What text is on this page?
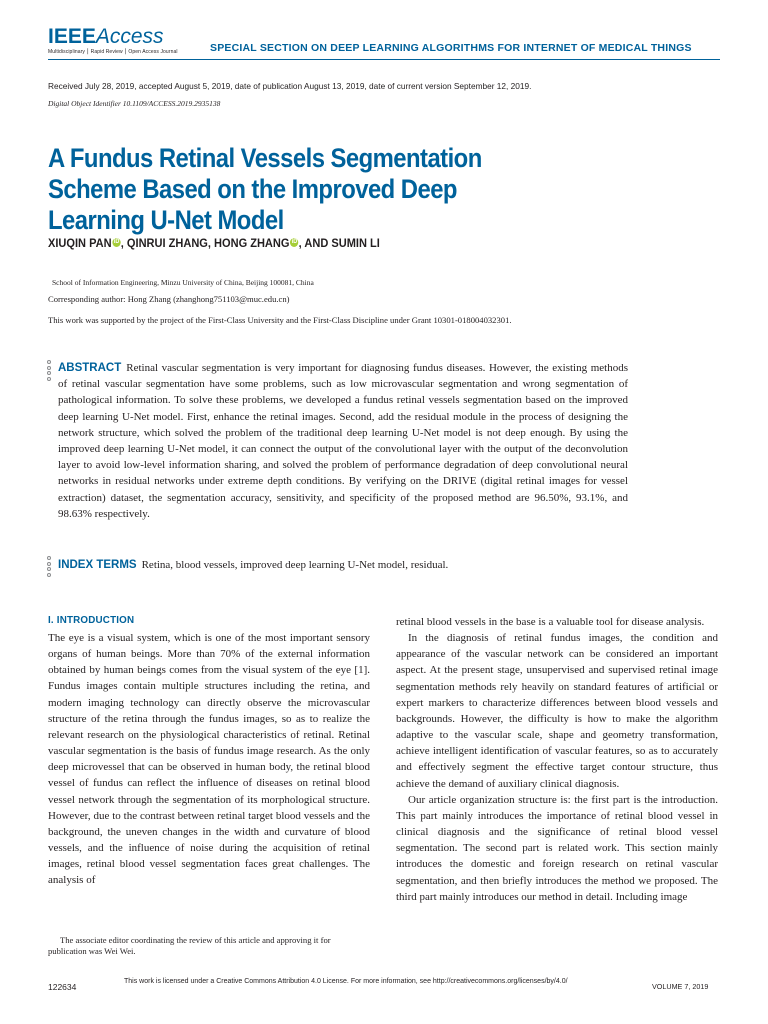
IEEEAccess
Multidisciplinary ⎮ Rapid Review ⎮ Open Access Journal	SPECIAL SECTION ON DEEP LEARNING ALGORITHMS FOR INTERNET OF MEDICAL THINGS
Received July 28, 2019, accepted August 5, 2019, date of publication August 13, 2019, date of current version September 12, 2019.
Digital Object Identifier 10.1109/ACCESS.2019.2935138
A Fundus Retinal Vessels Segmentation
Scheme Based on the Improved Deep
Learning U-Net Model
XIUQIN PAN iD, QINRUI ZHANG, HONG ZHANG iD, AND SUMIN LI
School of Information Engineering, Minzu University of China, Beijing 100081, China
Corresponding author: Hong Zhang (zhanghong751103@muc.edu.cn)
This work was supported by the project of the First-Class University and the First-Class Discipline under Grant 10301-018004032301.
ABSTRACT Retinal vascular segmentation is very important for diagnosing fundus diseases. However, the existing methods of retinal vascular segmentation have some problems, such as low microvascular segmentation and wrong segmentation of pathological information. To solve these problems, we developed a fundus retinal vessels segmentation based on the improved deep learning U-Net model. First, enhance the retinal images. Second, add the residual module in the process of designing the network structure, which solved the problem of the traditional deep learning U-Net model is not deep enough. By using the improved deep learning U-Net model, it can connect the output of the convolutional layer with the output of the deconvolution layer to avoid low-level information sharing, and solved the problem of performance degradation of deep convolutional neural networks in residual networks under extreme depth conditions. By verifying on the DRIVE (digital retinal images for vessel extraction) dataset, the segmentation accuracy, sensitivity, and specificity of the proposed method are 96.50%, 93.1%, and 98.63% respectively.
INDEX TERMS Retina, blood vessels, improved deep learning U-Net model, residual.
I. INTRODUCTION

The eye is a visual system, which is one of the most important sensory organs of human beings. More than 70% of the external information obtained by human beings comes from the visual system of the eye [1]. Fundus images contain multiple structures including the retina, and modern imaging technology can directly observe the microvascular structure of the retina through the fundus images, so as to realize the relevant research on the physiological characteristics of retinal. Retinal vascular segmentation is the basis of fundus image research. As the only deep microvessel that can be observed in human body, the retinal blood vessel of fundus can reflect the influence of diseases on retinal blood vessel network through the segmentation of its morphological structure. However, due to the contrast between retinal target blood vessels and the background, the uneven changes in the width and curvature of blood vessels, and the influence of noise during the acquisition of retinal images, retinal blood vessel segmentation faces great challenges. The analysis of

retinal blood vessels in the base is a valuable tool for disease analysis.

In the diagnosis of retinal fundus images, the condition and appearance of the vascular network can be considered an important aspect. At the present stage, unsupervised and supervised retinal image segmentation methods rely heavily on standard features of artificial or expert markers to characterize differences between blood vessels and backgrounds. However, the difficulty is how to make the algorithm adaptive to the vascular scale, shape and geometry transformation, achieve intelligent identification of vascular features, so as to accurately and effectively segment the effective target contour structure, thus achieve the demand of auxiliary clinical diagnosis.

Our article organization structure is: the first part is the introduction. This part mainly introduces the importance of retinal blood vessel in clinical diagnosis and the significance of retinal blood vessel segmentation. The second part is related work. This section mainly introduces the domestic and foreign research on retinal vascular segmentation, and then briefly introduces the method we proposed. The third part mainly introduces our method in detail. Including image

The associate editor coordinating the review of this article and approving it for publication was Wei Wei.
122634
This work is licensed under a Creative Commons Attribution 4.0 License. For more information, see http://creativecommons.org/licenses/by/4.0/
VOLUME 7, 2019
